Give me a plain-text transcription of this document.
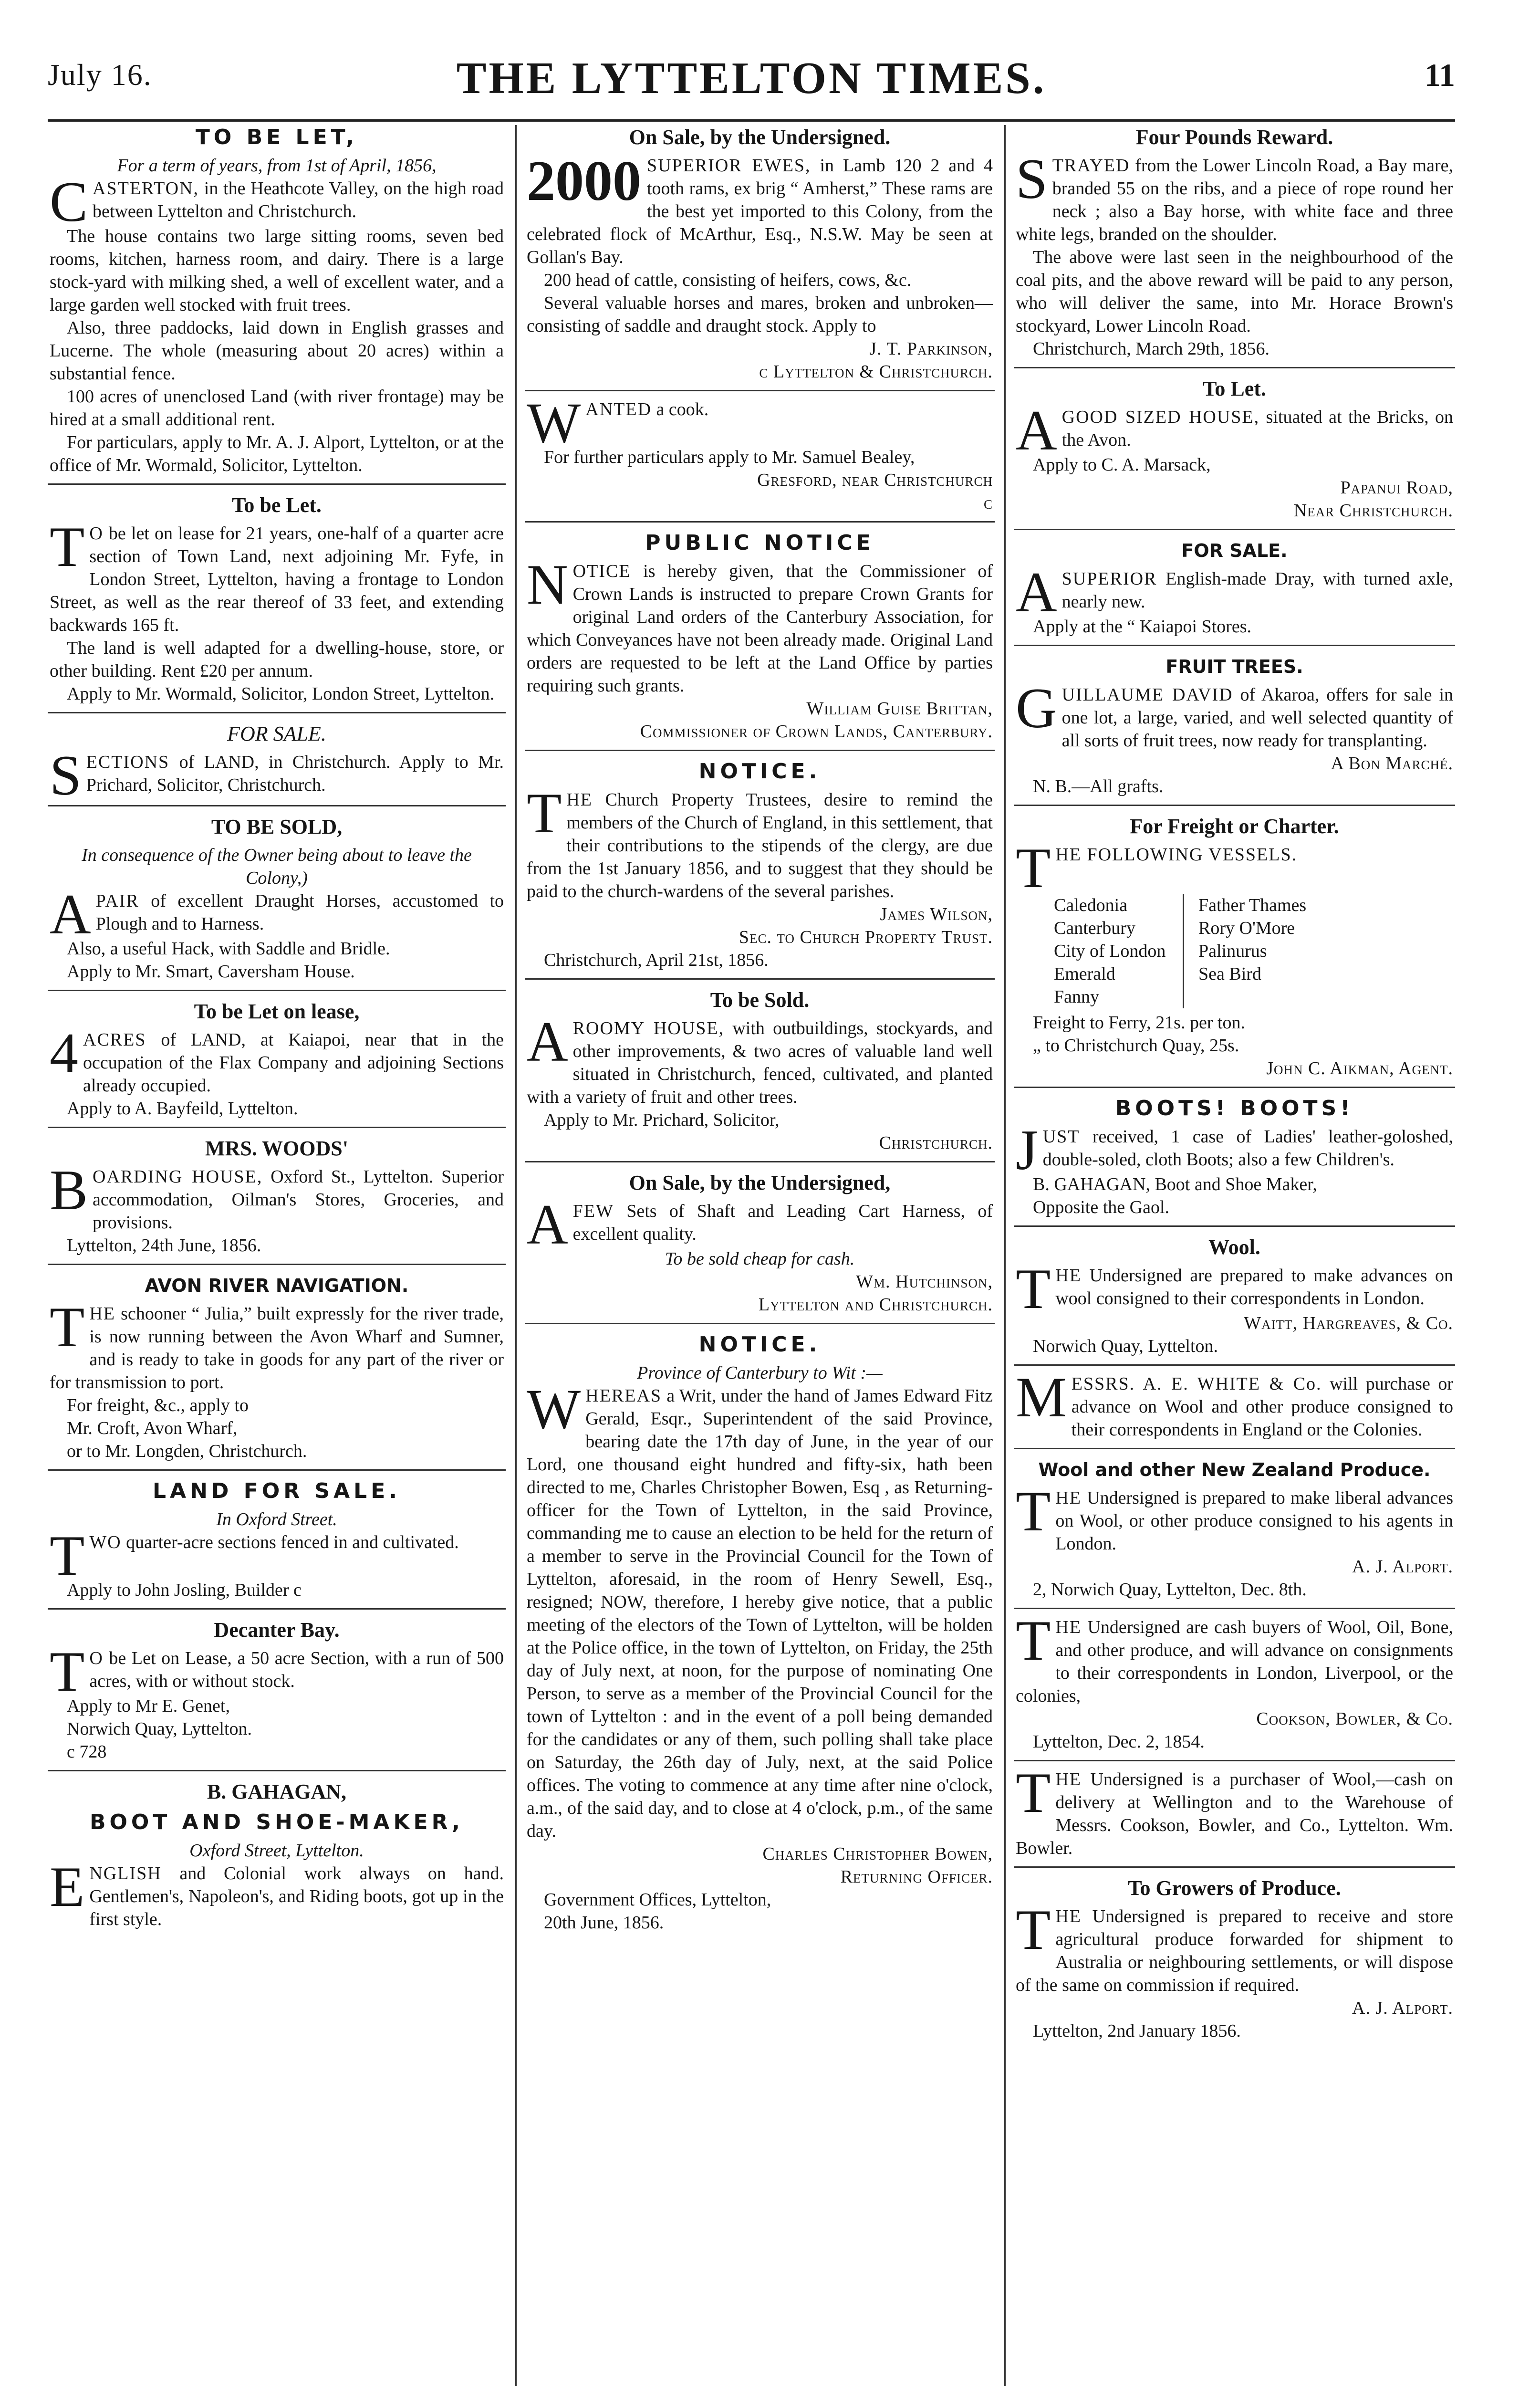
July 16.	THE LYTTELTON TIMES.	11
TO BE LET,
For a term of years, from 1st of April, 1856,
CASTERTON, in the Heathcote Valley, on the high road between Lyttelton and Christchurch.
The house contains two large sitting rooms, seven bed rooms, kitchen, harness room, and dairy. There is a large stock-yard with milking shed, a well of excellent water, and a large garden well stocked with fruit trees.
Also, three paddocks, laid down in English grasses and Lucerne. The whole (measuring about 20 acres) within a substantial fence.
100 acres of unenclosed Land (with river frontage) may be hired at a small additional rent.
For particulars, apply to Mr. A. J. Alport, Lyttelton, or at the office of Mr. Wormald, Solicitor, Lyttelton.
To be Let.
T O be let on lease for 21 years, one-half of a quarter acre section of Town Land, next adjoining Mr. Fyfe, in London Street, Lyttelton, having a frontage to London Street, as well as the rear thereof of 33 feet, and extending backwards 165 ft.
The land is well adapted for a dwelling-house, store, or other building. Rent £20 per annum.
Apply to Mr. Wormald, Solicitor, London Street, Lyttelton.
FOR SALE.
SECTIONS of LAND, in Christchurch. Apply to Mr. Prichard, Solicitor, Christchurch.
TO BE SOLD,
In consequence of the Owner being about to leave the Colony,)
APAIR of excellent Draught Horses, accustomed to Plough and to Harness.
Also, a useful Hack, with Saddle and Bridle.
Apply to Mr. Smart, Caversham House.
To be Let on lease,
4 ACRES of LAND, at Kaiapoi, near that in the occupation of the Flax Company and adjoining Sections already occupied.
Apply to A. Bayfeild, Lyttelton.
MRS. WOODS'
BOARDING HOUSE, Oxford St., Lyttelton. Superior accommodation, Oilman's Stores, Groceries, and provisions.
Lyttelton, 24th June, 1856.
AVON RIVER NAVIGATION.
THE schooner “ Julia,” built expressly for the river trade, is now running between the Avon Wharf and Sumner, and is ready to take in goods for any part of the river or for transmission to port.
For freight, &c., apply to
Mr. Croft, Avon Wharf,
or to Mr. Longden, Christchurch.
LAND FOR SALE.
In Oxford Street.
TWO quarter-acre sections fenced in and cultivated.
Apply to John Josling, Builder c
Decanter Bay.
T O be Let on Lease, a 50 acre Section, with a run of 500 acres, with or without stock.
Apply to Mr E. Genet,
Norwich Quay, Lyttelton.
c 728
B. GAHAGAN,
BOOT AND SHOE-MAKER,
Oxford Street, Lyttelton.
ENGLISH and Colonial work always on hand. Gentlemen's, Napoleon's, and Riding boots, got up in the first style.
On Sale, by the Undersigned.
2000 SUPERIOR EWES, in Lamb 120 2 and 4 tooth rams, ex brig “ Amherst,” These rams are the best yet imported to this Colony, from the celebrated flock of McArthur, Esq., N.S.W. May be seen at Gollan's Bay.
200 head of cattle, consisting of heifers, cows, &c.
Several valuable horses and mares, broken and unbroken—consisting of saddle and draught stock. Apply to
J. T. Parkinson,
c Lyttelton & Christchurch.
WANTED a cook.
For further particulars apply to Mr. Samuel Bealey,
Gresford, near Christchurch
c
PUBLIC NOTICE
NOTICE is hereby given, that the Commissioner of Crown Lands is instructed to prepare Crown Grants for original Land orders of the Canterbury Association, for which Conveyances have not been already made. Original Land orders are requested to be left at the Land Office by parties requiring such grants.
William Guise Brittan,
Commissioner of Crown Lands, Canterbury.
NOTICE.
THE Church Property Trustees, desire to remind the members of the Church of England, in this settlement, that their contributions to the stipends of the clergy, are due from the 1st January 1856, and to suggest that they should be paid to the church-wardens of the several parishes.
James Wilson,
Sec. to Church Property Trust.
Christchurch, April 21st, 1856.
To be Sold.
AROOMY HOUSE, with outbuildings, stockyards, and other improvements, & two acres of valuable land well situated in Christchurch, fenced, cultivated, and planted with a variety of fruit and other trees.
Apply to Mr. Prichard, Solicitor,
Christchurch.
On Sale, by the Undersigned,
AFEW Sets of Shaft and Leading Cart Harness, of excellent quality.
To be sold cheap for cash.
Wm. Hutchinson,
Lyttelton and Christchurch.
NOTICE.
Province of Canterbury to Wit :—
WHEREAS a Writ, under the hand of James Edward Fitz Gerald, Esqr., Superintendent of the said Province, bearing date the 17th day of June, in the year of our Lord, one thousand eight hundred and fifty-six, hath been directed to me, Charles Christopher Bowen, Esq , as Returning-officer for the Town of Lyttelton, in the said Province, commanding me to cause an election to be held for the return of a member to serve in the Provincial Council for the Town of Lyttelton, aforesaid, in the room of Henry Sewell, Esq., resigned; NOW, therefore, I hereby give notice, that a public meeting of the electors of the Town of Lyttelton, will be holden at the Police office, in the town of Lyttelton, on Friday, the 25th day of July next, at noon, for the purpose of nominating One Person, to serve as a member of the Provincial Council for the town of Lyttelton : and in the event of a poll being demanded for the candidates or any of them, such polling shall take place on Saturday, the 26th day of July, next, at the said Police offices. The voting to commence at any time after nine o'clock, a.m., of the said day, and to close at 4 o'clock, p.m., of the same day.
Charles Christopher Bowen,
Returning Officer.
Government Offices, Lyttelton,
20th June, 1856.
Four Pounds Reward.
STRAYED from the Lower Lincoln Road, a Bay mare, branded 55 on the ribs, and a piece of rope round her neck ; also a Bay horse, with white face and three white legs, branded on the shoulder.
The above were last seen in the neighbourhood of the coal pits, and the above reward will be paid to any person, who will deliver the same, into Mr. Horace Brown's stockyard, Lower Lincoln Road.
Christchurch, March 29th, 1856.
To Let.
AGOOD SIZED HOUSE, situated at the Bricks, on the Avon.
Apply to C. A. Marsack,
Papanui Road,
Near Christchurch.
FOR SALE.
ASUPERIOR English-made Dray, with turned axle, nearly new.
Apply at the “ Kaiapoi Stores.
FRUIT TREES.
GUILLAUME DAVID of Akaroa, offers for sale in one lot, a large, varied, and well selected quantity of all sorts of fruit trees, now ready for transplanting.
A Bon Marché.
N. B.—All grafts.
For Freight or Charter.
THE FOLLOWING VESSELS.
Caledonia
Canterbury
City of London
Emerald
Fanny
Father Thames
Rory O'More
Palinurus
Sea Bird
Freight to Ferry, 21s. per ton.
„ to Christchurch Quay, 25s.
John C. Aikman, Agent.
BOOTS! BOOTS!
JUST received, 1 case of Ladies' leather-goloshed, double-soled, cloth Boots; also a few Children's.
B. GAHAGAN, Boot and Shoe Maker,
Opposite the Gaol.
Wool.
THE Undersigned are prepared to make advances on wool consigned to their correspondents in London.
Waitt, Hargreaves, & Co.
Norwich Quay, Lyttelton.
MESSRS. A. E. WHITE & Co. will purchase or advance on Wool and other produce consigned to their correspondents in England or the Colonies.
Wool and other New Zealand Produce.
THE Undersigned is prepared to make liberal advances on Wool, or other produce consigned to his agents in London.
A. J. Alport.
2, Norwich Quay, Lyttelton, Dec. 8th.
THE Undersigned are cash buyers of Wool, Oil, Bone, and other produce, and will advance on consignments to their correspondents in London, Liverpool, or the colonies,
Cookson, Bowler, & Co.
Lyttelton, Dec. 2, 1854.
THE Undersigned is a purchaser of Wool,—cash on delivery at Wellington and to the Warehouse of Messrs. Cookson, Bowler, and Co., Lyttelton. Wm. Bowler.
To Growers of Produce.
THE Undersigned is prepared to receive and store agricultural produce forwarded for shipment to Australia or neighbouring settlements, or will dispose of the same on commission if required.
A. J. Alport.
Lyttelton, 2nd January 1856.
